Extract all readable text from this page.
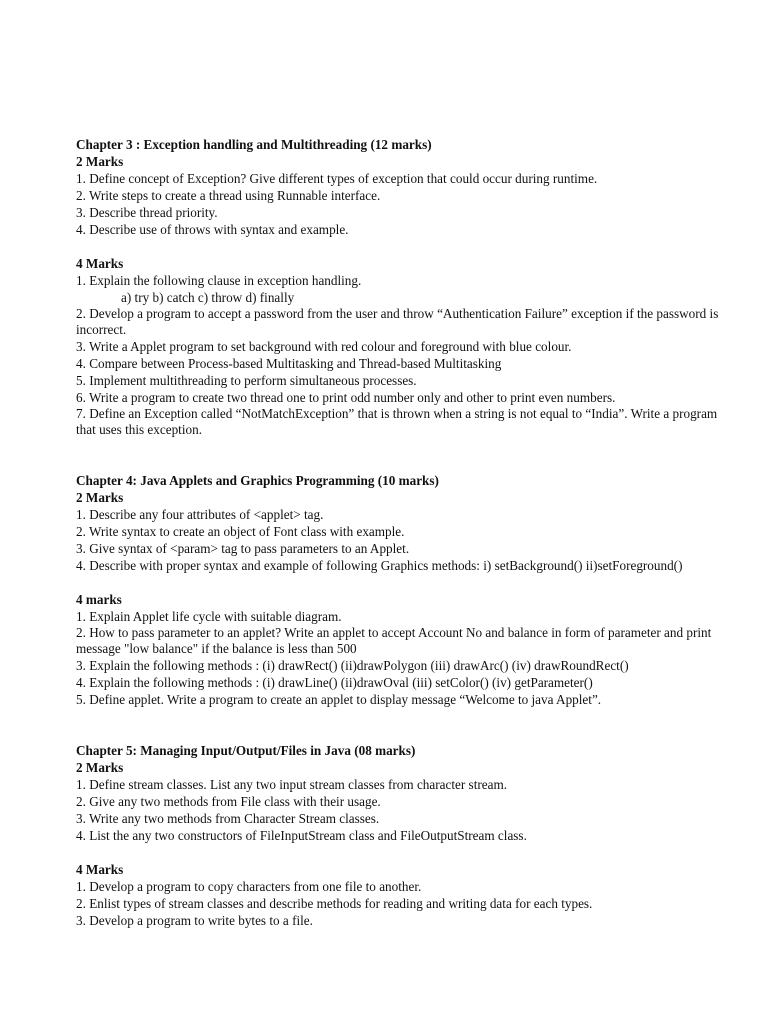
Chapter 3 : Exception handling and Multithreading (12 marks)
2 Marks
1. Define concept of Exception? Give different types of exception that could occur during runtime.
2. Write steps to create a thread using Runnable interface.
3. Describe thread priority.
4. Describe use of throws with syntax and example.
4 Marks
1. Explain the following clause in exception handling.
a) try b) catch c) throw d) finally
2. Develop a program to accept a password from the user and throw “Authentication Failure” exception if the password is incorrect.
3. Write a Applet program to set background with red colour and foreground with blue colour.
4. Compare between Process-based Multitasking and Thread-based Multitasking
5. Implement multithreading to perform simultaneous processes.
6. Write a program to create two thread one to print odd number only and other to print even numbers.
7. Define an Exception called “NotMatchException” that is thrown when a string is not equal to “India”. Write a program that uses this exception.
Chapter 4: Java Applets and Graphics Programming (10 marks)
2 Marks
1. Describe any four attributes of <applet> tag.
2. Write syntax to create an object of Font class with example.
3. Give syntax of <param> tag to pass parameters to an Applet.
4. Describe with proper syntax and example of following Graphics methods: i) setBackground() ii)setForeground()
4 marks
1. Explain Applet life cycle with suitable diagram.
2. How to pass parameter to an applet? Write an applet to accept Account No and balance in form of parameter and print message "low balance" if the balance is less than 500
3. Explain the following methods : (i) drawRect() (ii)drawPolygon (iii) drawArc() (iv) drawRoundRect()
4. Explain the following methods : (i) drawLine() (ii)drawOval (iii) setColor() (iv) getParameter()
5. Define applet. Write a program to create an applet to display message “Welcome to java Applet”.
Chapter 5: Managing Input/Output/Files in Java (08 marks)
2 Marks
1. Define stream classes. List any two input stream classes from character stream.
2. Give any two methods from File class with their usage.
3. Write any two methods from Character Stream classes.
4. List the any two constructors of FileInputStream class and FileOutputStream class.
4 Marks
1. Develop a program to copy characters from one file to another.
2. Enlist types of stream classes and describe methods for reading and writing data for each types.
3. Develop a program to write bytes to a file.
